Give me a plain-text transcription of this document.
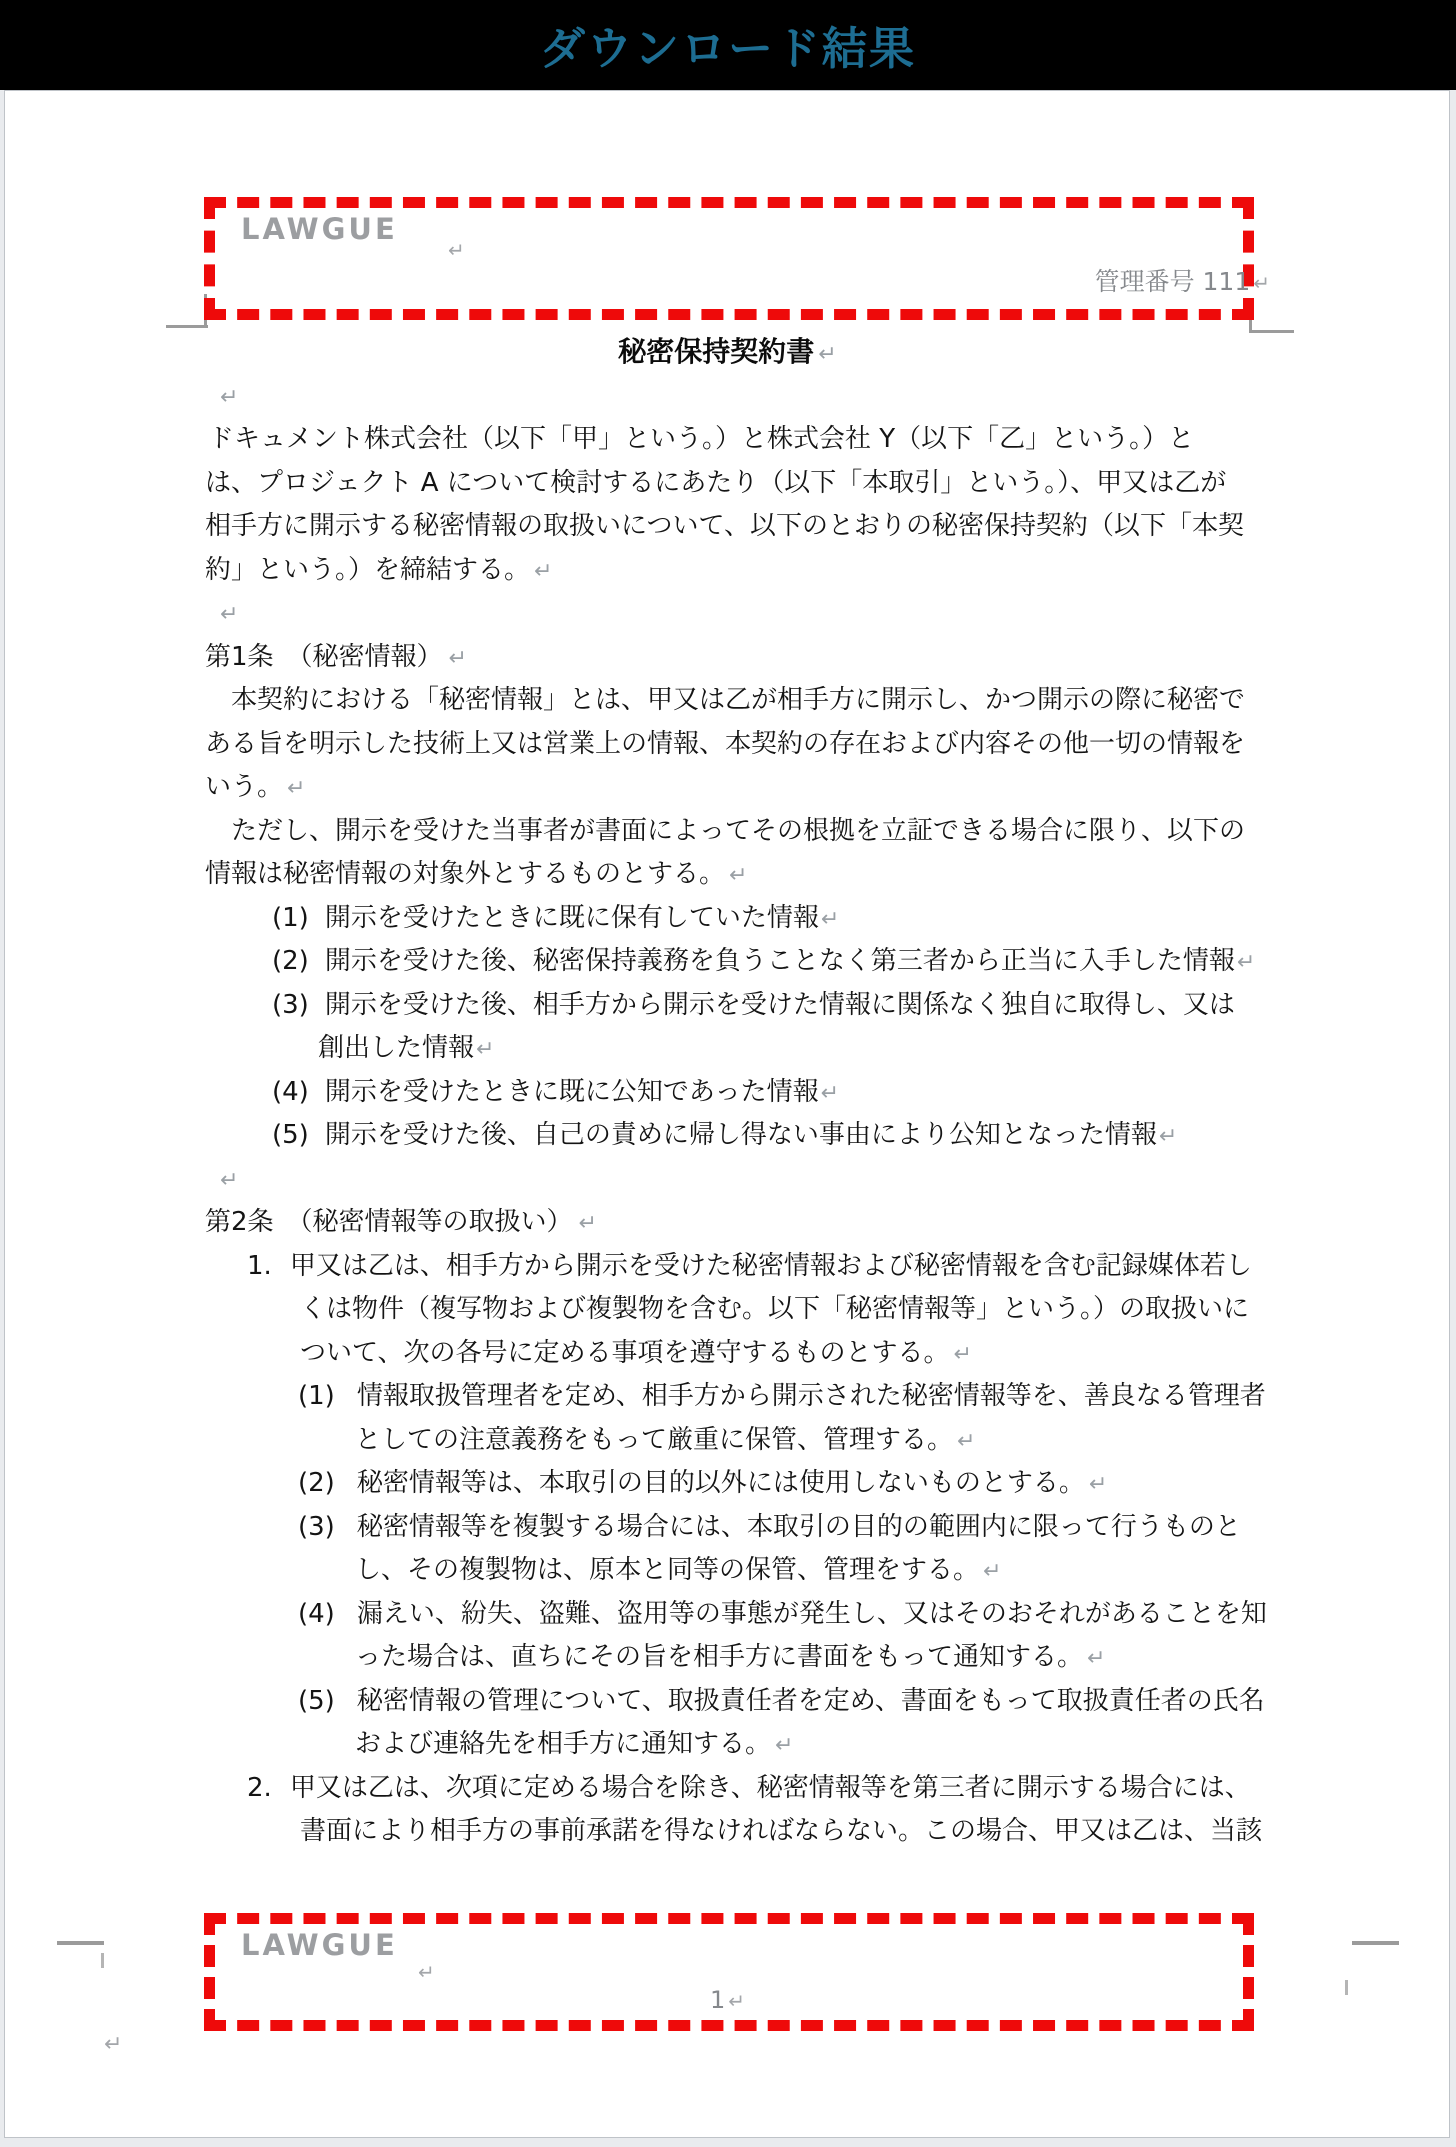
ダウンロード結果
LAWGUE
↵
管理番号 111 ↵
秘密保持契約書 ↵
↵
ドキュメント株式会社（以下「甲」という。）と株式会社 Y（以下「乙」という。）と
は、プロジェクト A について検討するにあたり（以下「本取引」という。）、甲又は乙が
相手方に開示する秘密情報の取扱いについて、以下のとおりの秘密保持契約（以下「本契
約」という。）を締結する。 ↵
↵
第1条　（秘密情報） ↵
　本契約における「秘密情報」とは、甲又は乙が相手方に開示し、かつ開示の際に秘密で
ある旨を明示した技術上又は営業上の情報、本契約の存在および内容その他一切の情報を
いう。 ↵
　ただし、開示を受けた当事者が書面によってその根拠を立証できる場合に限り、以下の
情報は秘密情報の対象外とするものとする。 ↵
(1) 開示を受けたときに既に保有していた情報↵
(2) 開示を受けた後、秘密保持義務を負うことなく第三者から正当に入手した情報↵
(3) 開示を受けた後、相手方から開示を受けた情報に関係なく独自に取得し、又は
創出した情報↵
(4) 開示を受けたときに既に公知であった情報↵
(5) 開示を受けた後、自己の責めに帰し得ない事由により公知となった情報↵
↵
第2条　（秘密情報等の取扱い） ↵
1. 甲又は乙は、相手方から開示を受けた秘密情報および秘密情報を含む記録媒体若し
くは物件（複写物および複製物を含む。以下「秘密情報等」という。）の取扱いに
ついて、次の各号に定める事項を遵守するものとする。 ↵
(1) 情報取扱管理者を定め、相手方から開示された秘密情報等を、善良なる管理者
としての注意義務をもって厳重に保管、管理する。 ↵
(2) 秘密情報等は、本取引の目的以外には使用しないものとする。 ↵
(3) 秘密情報等を複製する場合には、本取引の目的の範囲内に限って行うものと
し、その複製物は、原本と同等の保管、管理をする。 ↵
(4) 漏えい、紛失、盗難、盗用等の事態が発生し、又はそのおそれがあることを知
った場合は、直ちにその旨を相手方に書面をもって通知する。 ↵
(5) 秘密情報の管理について、取扱責任者を定め、書面をもって取扱責任者の氏名
および連絡先を相手方に通知する。 ↵
2. 甲又は乙は、次項に定める場合を除き、秘密情報等を第三者に開示する場合には、
書面により相手方の事前承諾を得なければならない。この場合、甲又は乙は、当該
LAWGUE
↵
1 ↵
↵
